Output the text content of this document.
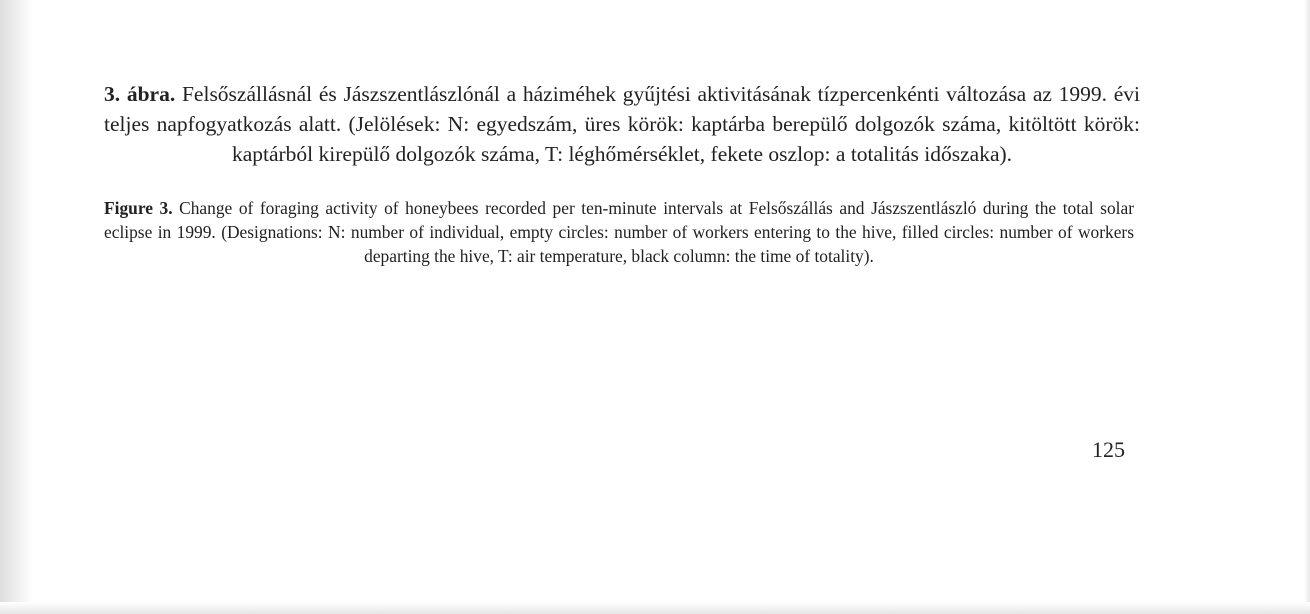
3. ábra. Felsőszállásnál és Jászszentlászlónál a háziméhek gyűjtési aktivitásának tízpercenkénti változása az 1999. évi teljes napfogyatkozás alatt. (Jelölések: N: egyedszám, üres körök: kaptárba berepülő dolgozók száma, kitöltött körök: kaptárból kirepülő dolgozók száma, T: léghőmérséklet, fekete oszlop: a totalitás időszaka).

Figure 3. Change of foraging activity of honeybees recorded per ten-minute intervals at Felsőszállás and Jászszentlászló during the total solar eclipse in 1999. (Designations: N: number of individual, empty circles: number of workers entering to the hive, filled circles: number of workers departing the hive, T: air temperature, black column: the time of totality).

125
